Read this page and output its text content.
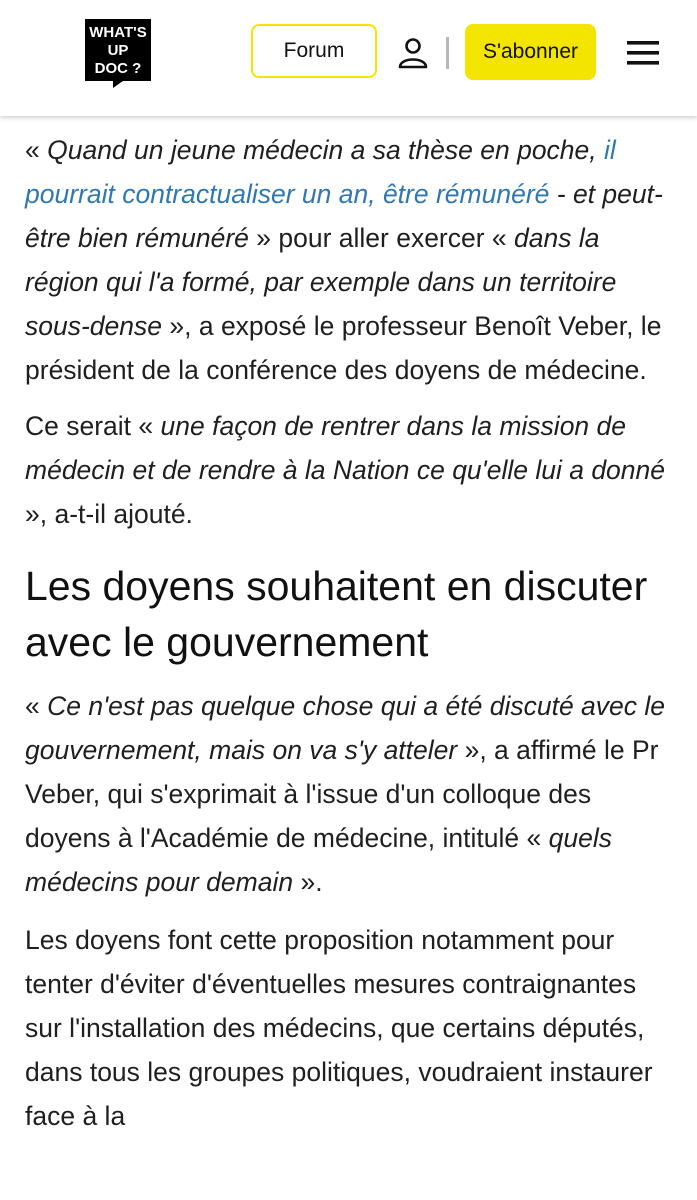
WHAT'S
UP
DOC ?
Forum	S'abonner

« Quand un jeune médecin a sa thèse en poche, il pourrait contractualiser un an, être rémunéré - et peut-être bien rémunéré » pour aller exercer « dans la région qui l'a formé, par exemple dans un territoire sous-dense », a exposé le professeur Benoît Veber, le président de la conférence des doyens de médecine.

Ce serait « une façon de rentrer dans la mission de médecin et de rendre à la Nation ce qu'elle lui a donné », a-t-il ajouté.

Les doyens souhaitent en discuter avec le gouvernement

« Ce n'est pas quelque chose qui a été discuté avec le gouvernement, mais on va s'y atteler », a affirmé le Pr Veber, qui s'exprimait à l'issue d'un colloque des doyens à l'Académie de médecine, intitulé « quels médecins pour demain ».

Les doyens font cette proposition notamment pour tenter d'éviter d'éventuelles mesures contraignantes sur l'installation des médecins, que certains députés, dans tous les groupes politiques, voudraient instaurer face à la
